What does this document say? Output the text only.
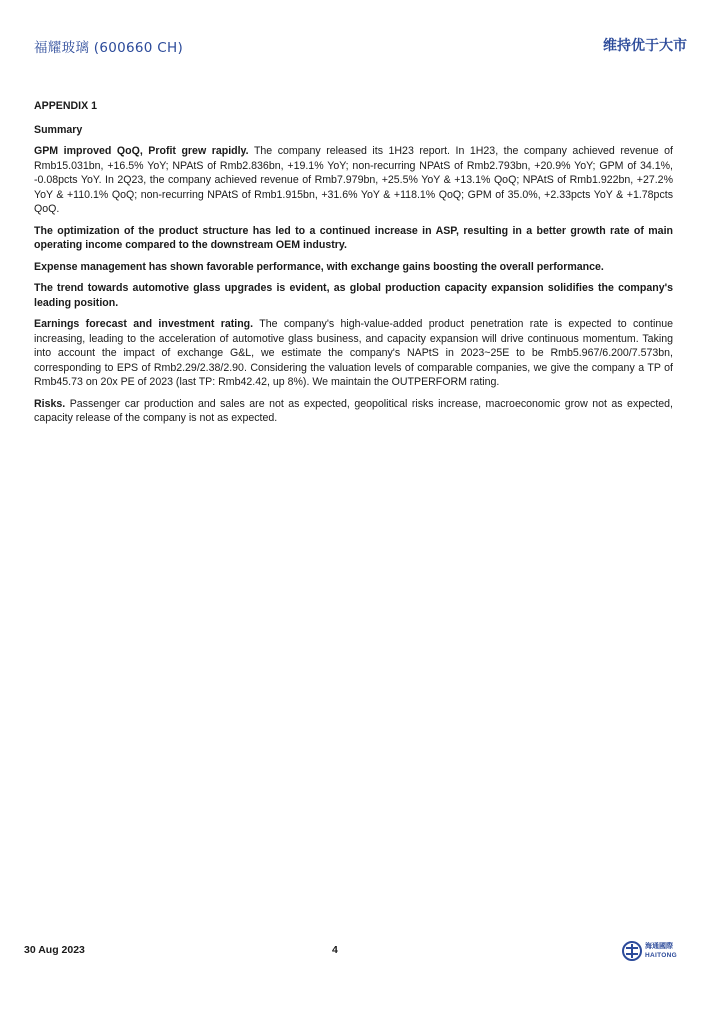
福耀玻璃 (600660 CH)	维持优于大市
APPENDIX 1
Summary

GPM improved QoQ, Profit grew rapidly. The company released its 1H23 report. In 1H23, the company achieved revenue of Rmb15.031bn, +16.5% YoY; NPAtS of Rmb2.836bn, +19.1% YoY; non-recurring NPAtS of Rmb2.793bn, +20.9% YoY; GPM of 34.1%, -0.08pcts YoY. In 2Q23, the company achieved revenue of Rmb7.979bn, +25.5% YoY & +13.1% QoQ; NPAtS of Rmb1.922bn, +27.2% YoY & +110.1% QoQ; non-recurring NPAtS of Rmb1.915bn, +31.6% YoY & +118.1% QoQ; GPM of 35.0%, +2.33pcts YoY & +1.78pcts QoQ.

The optimization of the product structure has led to a continued increase in ASP, resulting in a better growth rate of main operating income compared to the downstream OEM industry.

Expense management has shown favorable performance, with exchange gains boosting the overall performance.

The trend towards automotive glass upgrades is evident, as global production capacity expansion solidifies the company's leading position.

Earnings forecast and investment rating. The company's high-value-added product penetration rate is expected to continue increasing, leading to the acceleration of automotive glass business, and capacity expansion will drive continuous momentum. Taking into account the impact of exchange G&L, we estimate the company's NAPtS in 2023~25E to be Rmb5.967/6.200/7.573bn, corresponding to EPS of Rmb2.29/2.38/2.90. Considering the valuation levels of comparable companies, we give the company a TP of Rmb45.73 on 20x PE of 2023 (last TP: Rmb42.42, up 8%). We maintain the OUTPERFORM rating.

Risks. Passenger car production and sales are not as expected, geopolitical risks increase, macroeconomic grow not as expected, capacity release of the company is not as expected.

30 Aug 2023	4	海通國際
HAITONG
